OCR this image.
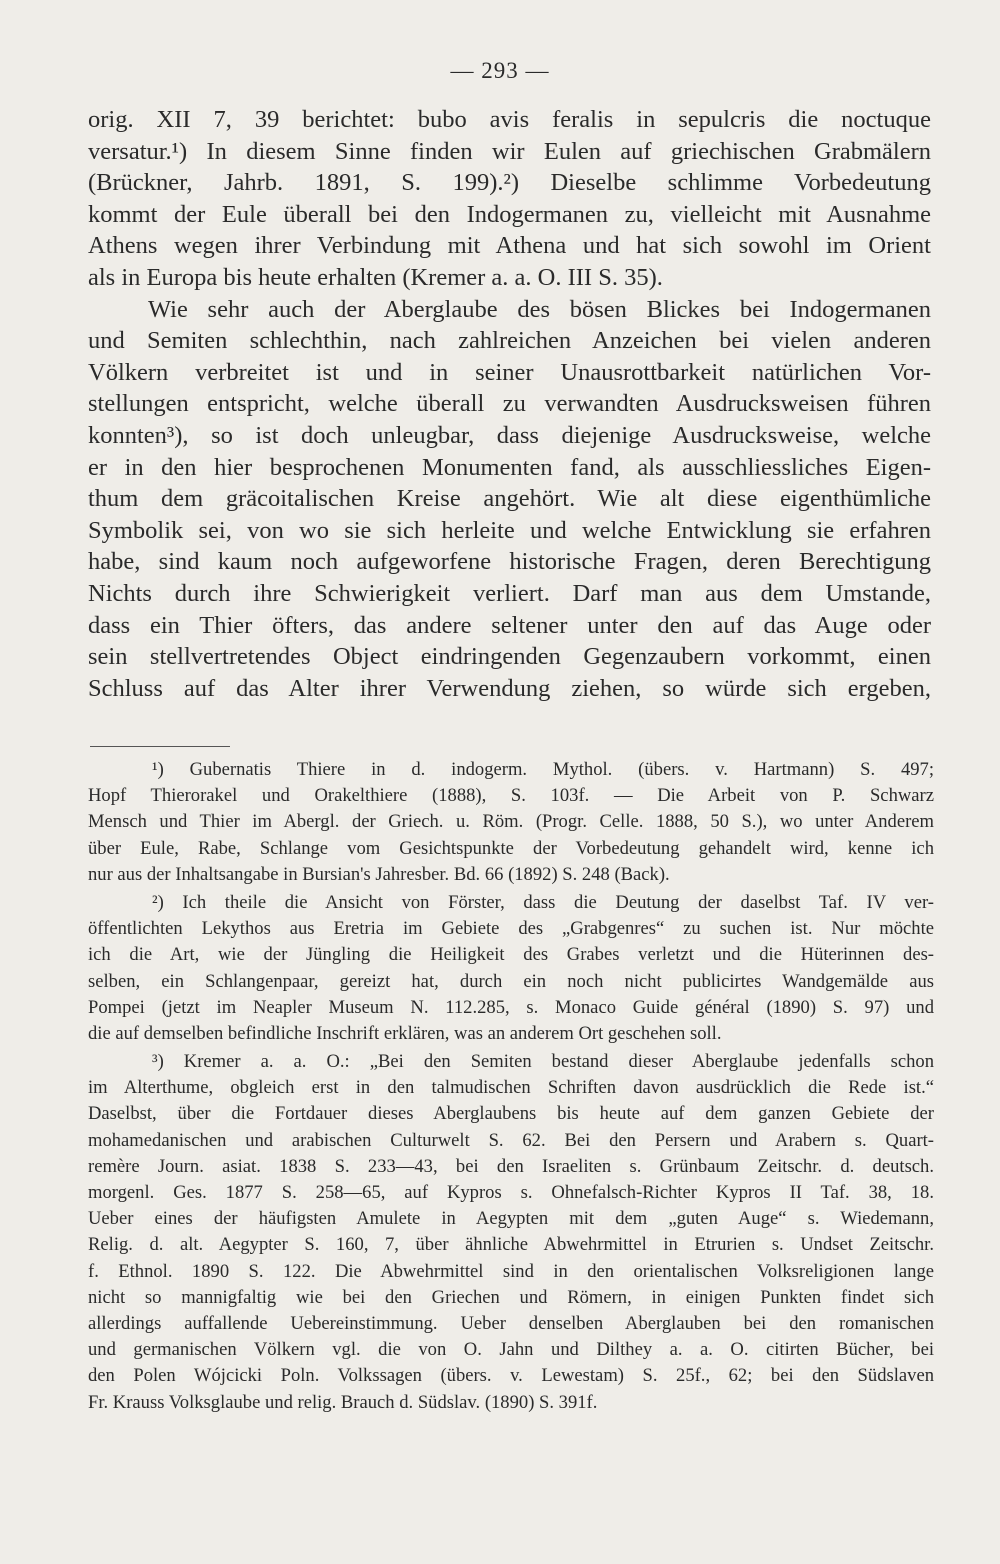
— 293 —
orig. XII 7, 39 berichtet: bubo avis feralis in sepulcris die noctuque
versatur.¹) In diesem Sinne finden wir Eulen auf griechischen Grabmälern
(Brückner, Jahrb. 1891, S. 199).²) Dieselbe schlimme Vorbedeutung
kommt der Eule überall bei den Indogermanen zu, vielleicht mit Ausnahme
Athens wegen ihrer Verbindung mit Athena und hat sich sowohl im Orient
als in Europa bis heute erhalten (Kremer a. a. O. III S. 35).
Wie sehr auch der Aberglaube des bösen Blickes bei Indogermanen
und Semiten schlechthin, nach zahlreichen Anzeichen bei vielen anderen
Völkern verbreitet ist und in seiner Unausrottbarkeit natürlichen Vor-
stellungen entspricht, welche überall zu verwandten Ausdrucksweisen führen
konnten³), so ist doch unleugbar, dass diejenige Ausdrucksweise, welche
er in den hier besprochenen Monumenten fand, als ausschliessliches Eigen-
thum dem gräcoitalischen Kreise angehört. Wie alt diese eigenthümliche
Symbolik sei, von wo sie sich herleite und welche Entwicklung sie erfahren
habe, sind kaum noch aufgeworfene historische Fragen, deren Berechtigung
Nichts durch ihre Schwierigkeit verliert. Darf man aus dem Umstande,
dass ein Thier öfters, das andere seltener unter den auf das Auge oder
sein stellvertretendes Object eindringenden Gegenzaubern vorkommt, einen
Schluss auf das Alter ihrer Verwendung ziehen, so würde sich ergeben,
¹) Gubernatis Thiere in d. indogerm. Mythol. (übers. v. Hartmann) S. 497;
Hopf Thierorakel und Orakelthiere (1888), S. 103f. — Die Arbeit von P. Schwarz
Mensch und Thier im Abergl. der Griech. u. Röm. (Progr. Celle. 1888, 50 S.), wo unter Anderem
über Eule, Rabe, Schlange vom Gesichtspunkte der Vorbedeutung gehandelt wird, kenne ich
nur aus der Inhaltsangabe in Bursian's Jahresber. Bd. 66 (1892) S. 248 (Back).
²) Ich theile die Ansicht von Förster, dass die Deutung der daselbst Taf. IV ver-
öffentlichten Lekythos aus Eretria im Gebiete des „Grabgenres“ zu suchen ist. Nur möchte
ich die Art, wie der Jüngling die Heiligkeit des Grabes verletzt und die Hüterinnen des-
selben, ein Schlangenpaar, gereizt hat, durch ein noch nicht publicirtes Wandgemälde aus
Pompei (jetzt im Neapler Museum N. 112.285, s. Monaco Guide général (1890) S. 97) und
die auf demselben befindliche Inschrift erklären, was an anderem Ort geschehen soll.
³) Kremer a. a. O.: „Bei den Semiten bestand dieser Aberglaube jedenfalls schon
im Alterthume, obgleich erst in den talmudischen Schriften davon ausdrücklich die Rede ist.“
Daselbst, über die Fortdauer dieses Aberglaubens bis heute auf dem ganzen Gebiete der
mohamedanischen und arabischen Culturwelt S. 62. Bei den Persern und Arabern s. Quart-
remère Journ. asiat. 1838 S. 233—43, bei den Israeliten s. Grünbaum Zeitschr. d. deutsch.
morgenl. Ges. 1877 S. 258—65, auf Kypros s. Ohnefalsch-Richter Kypros II Taf. 38, 18.
Ueber eines der häufigsten Amulete in Aegypten mit dem „guten Auge“ s. Wiedemann,
Relig. d. alt. Aegypter S. 160, 7, über ähnliche Abwehrmittel in Etrurien s. Undset Zeitschr.
f. Ethnol. 1890 S. 122. Die Abwehrmittel sind in den orientalischen Volksreligionen lange
nicht so mannigfaltig wie bei den Griechen und Römern, in einigen Punkten findet sich
allerdings auffallende Uebereinstimmung. Ueber denselben Aberglauben bei den romanischen
und germanischen Völkern vgl. die von O. Jahn und Dilthey a. a. O. citirten Bücher, bei
den Polen Wójcicki Poln. Volkssagen (übers. v. Lewestam) S. 25f., 62; bei den Südslaven
Fr. Krauss Volksglaube und relig. Brauch d. Südslav. (1890) S. 391f.
